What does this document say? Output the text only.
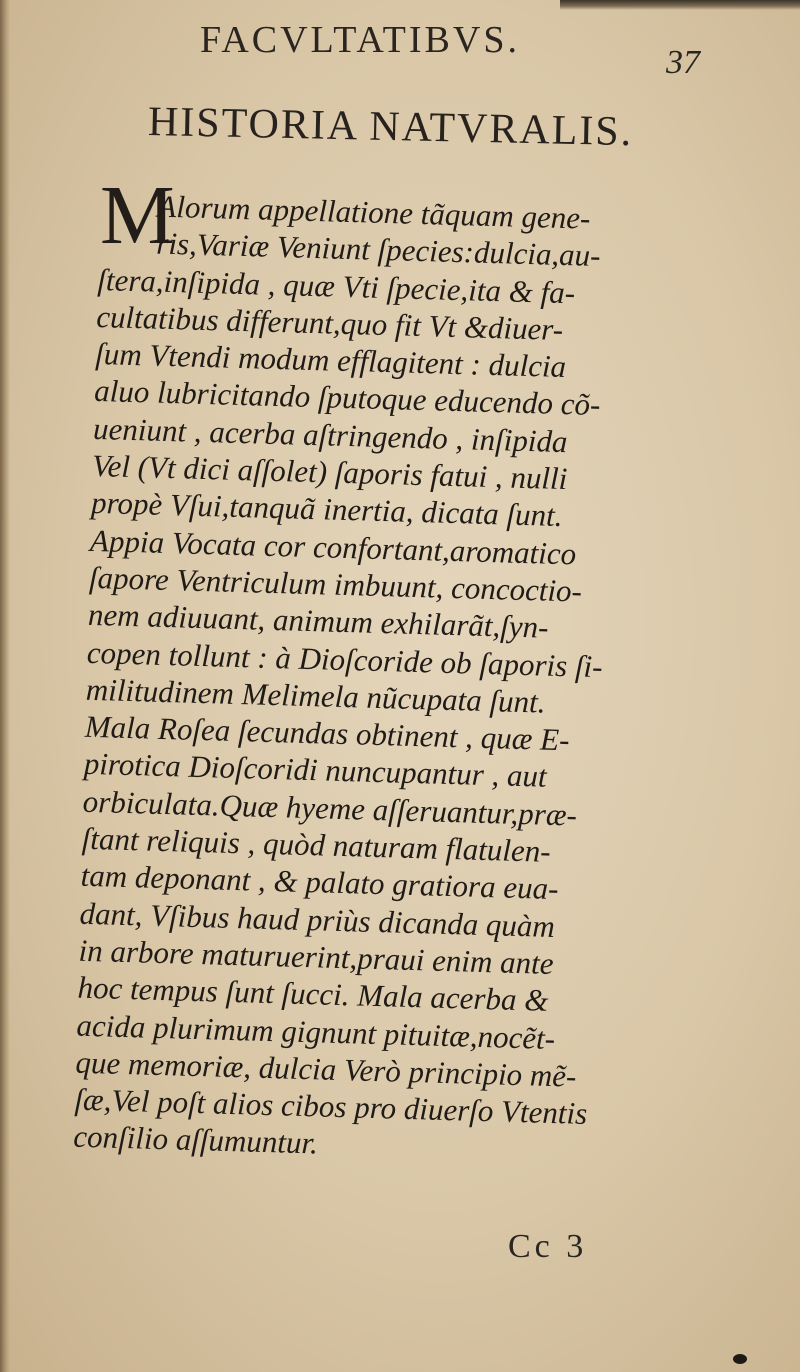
FACVLTATIBVS.
37
HISTORIA NATVRALIS.
M
Alorum appellatione tãquam gene-
ris,Variæ Veniunt ſpecies:dulcia,au-
ſtera,inſipida , quæ Vti ſpecie,ita & fa-
cultatibus differunt,quo fit Vt &diuer-
ſum Vtendi modum efflagitent : dulcia
aluo lubricitando ſputoque educendo cõ-
ueniunt , acerba aſtringendo , inſipida
Vel (Vt dici aſſolet) ſaporis fatui , nulli
propè Vſui,tanquã inertia, dicata ſunt.
Appia Vocata cor confortant,aromatico
ſapore Ventriculum imbuunt, concoctio-
nem adiuuant, animum exhilarãt,ſyn-
copen tollunt : à Dioſcoride ob ſaporis ſi-
militudinem Melimela nũcupata ſunt.
Mala Roſea ſecundas obtinent , quæ E-
pirotica Dioſcoridi nuncupantur , aut
orbiculata.Quæ hyeme aſſeruantur,præ-
ſtant reliquis , quòd naturam flatulen-
tam deponant , & palato gratiora eua-
dant, Vſibus haud priùs dicanda quàm
in arbore maturuerint,praui enim ante
hoc tempus ſunt ſucci. Mala acerba &
acida plurimum gignunt pituitæ,nocẽt-
que memoriæ, dulcia Verò principio mẽ-
ſæ,Vel poſt alios cibos pro diuerſo Vtentis
conſilio aſſumuntur.
Cc 3
